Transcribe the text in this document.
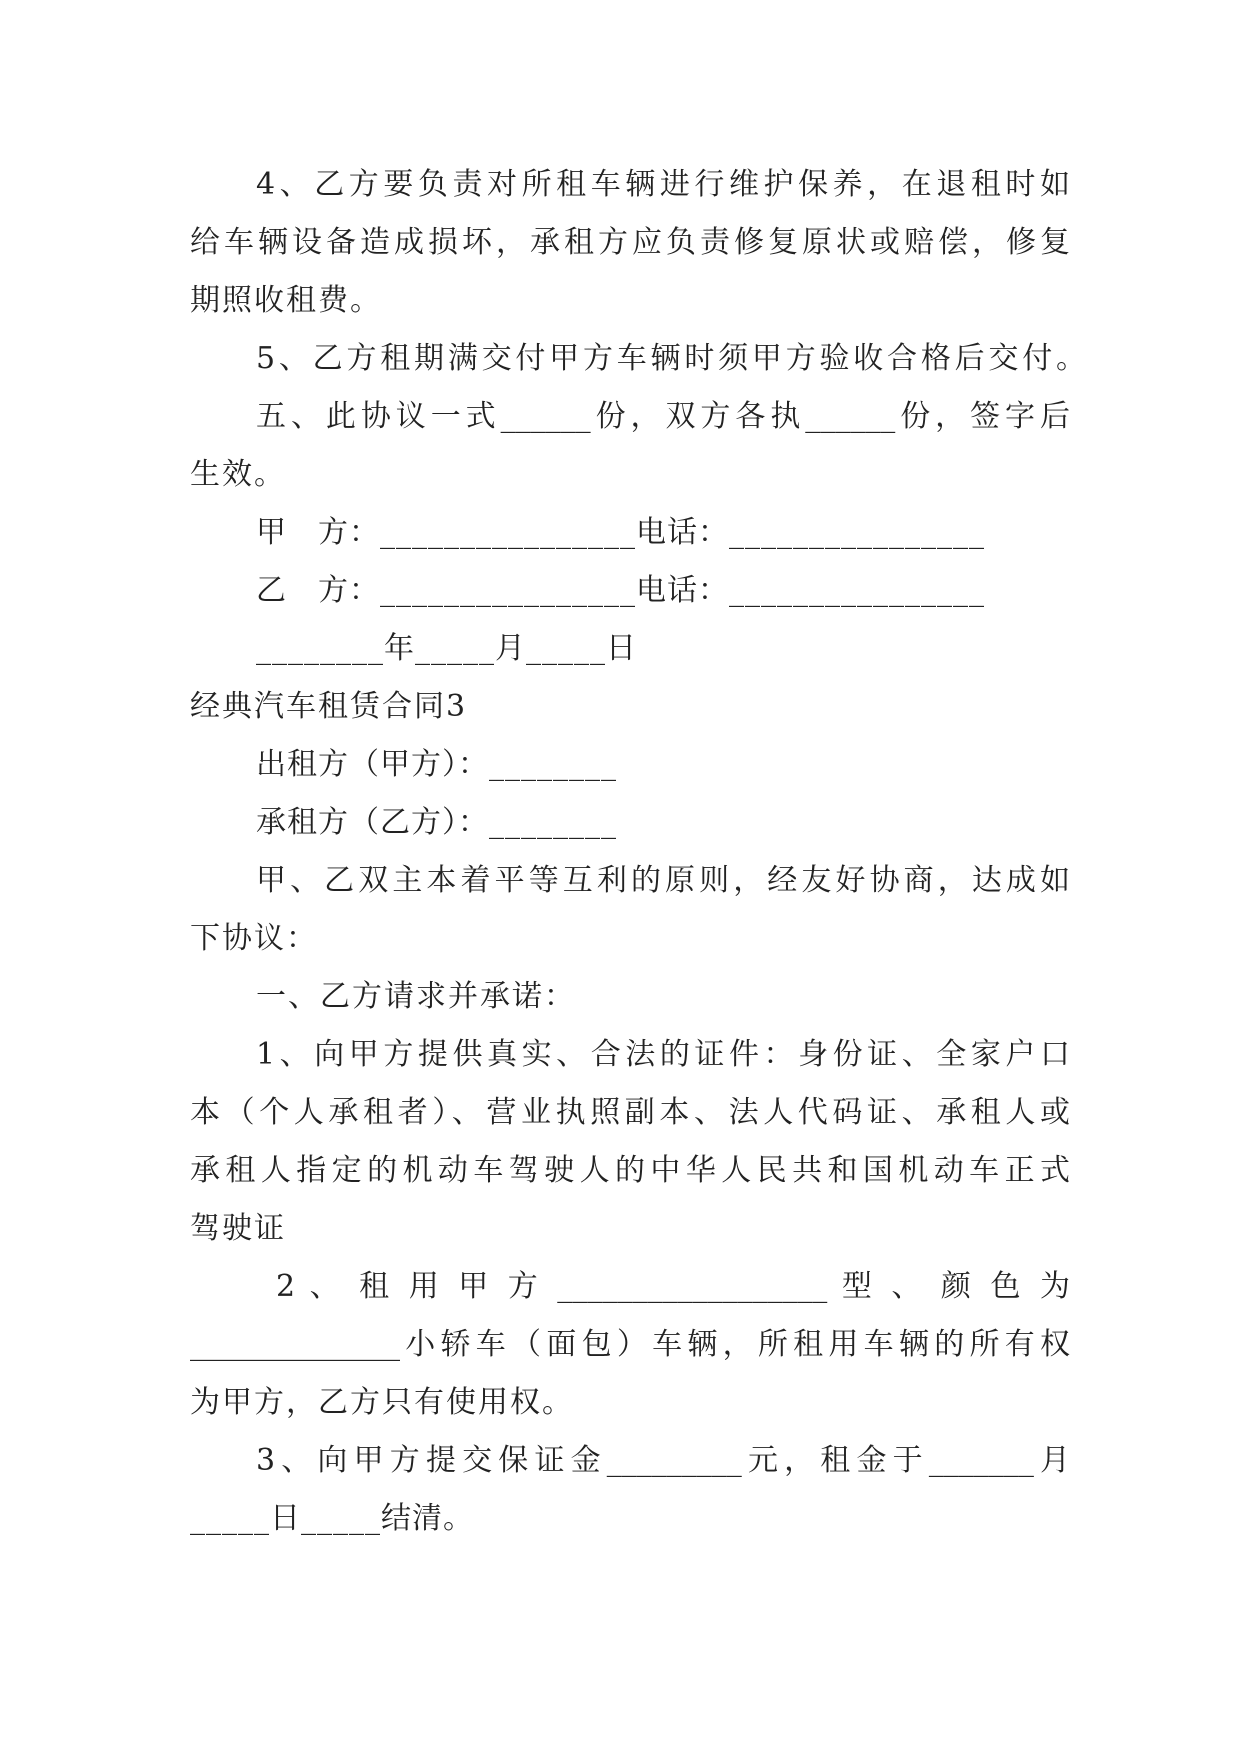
4、乙方要负责对所租车辆进行维护保养，在退租时如
给车辆设备造成损坏，承租方应负责修复原状或赔偿，修复
期照收租费。
5、乙方租期满交付甲方车辆时须甲方验收合格后交付。
五、此协议一式______份，双方各执______份，签字后
生效。
甲　方：________________电话：________________
乙　方：________________电话：________________
________年_____月_____日
经典汽车租赁合同3
出租方（甲方）：________
承租方（乙方）：________
甲、乙双主本着平等互利的原则，经友好协商，达成如
下协议：
一、乙方请求并承诺：
1、向甲方提供真实、合法的证件：身份证、全家户口
本（个人承租者）、营业执照副本、法人代码证、承租人或
承租人指定的机动车驾驶人的中华人民共和国机动车正式
驾驶证
2 、 租 用 甲 方 __________________ 型 、 颜 色 为
______________小轿车（面包）车辆，所租用车辆的所有权
为甲方，乙方只有使用权。
3、向甲方提交保证金_________元，租金于_______月
_____日_____结清。
